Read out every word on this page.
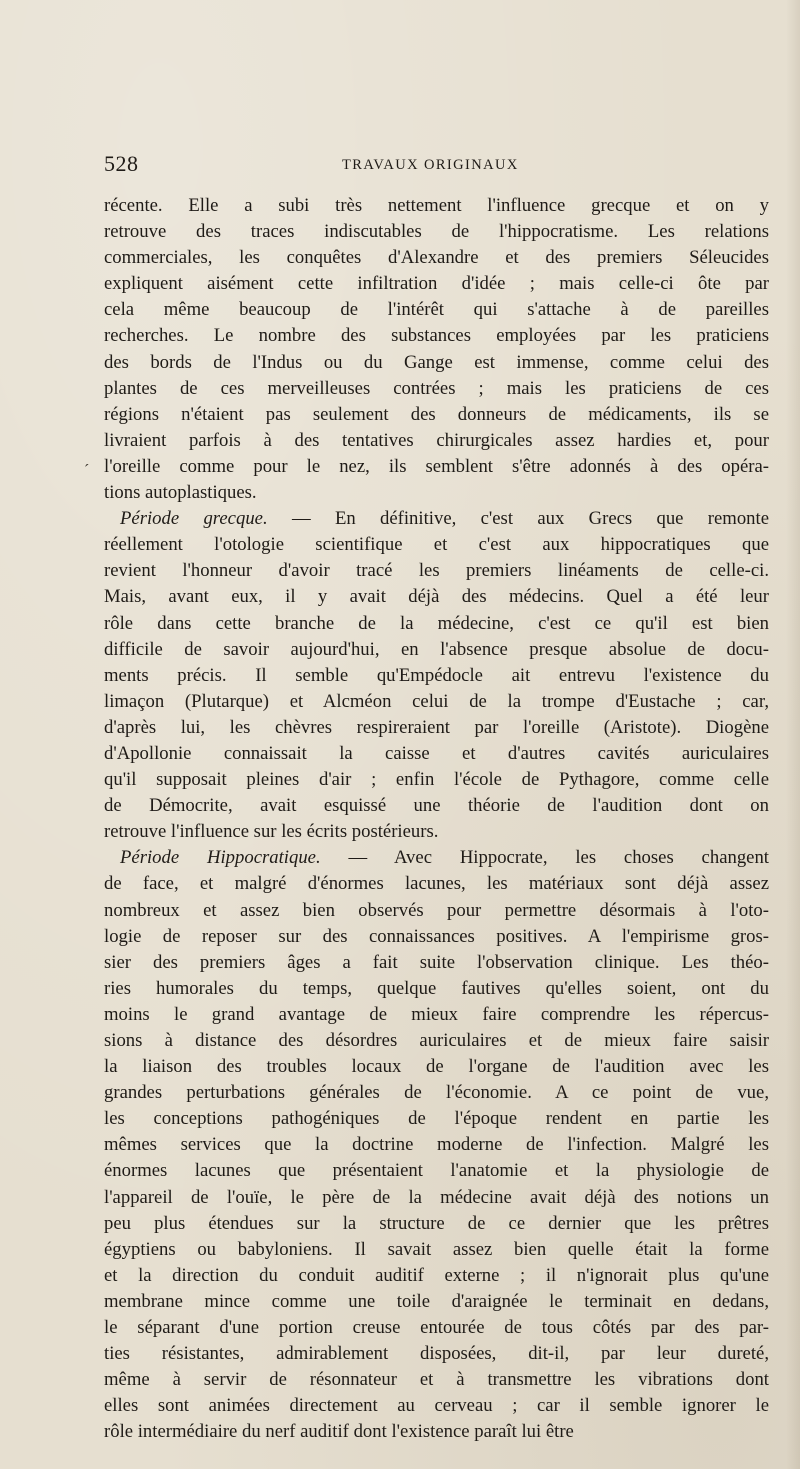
528	TRAVAUX ORIGINAUX
´
récente. Elle a subi très nettement l'influence grecque et on y
retrouve des traces indiscutables de l'hippocratisme. Les relations
commerciales, les conquêtes d'Alexandre et des premiers Séleucides
expliquent aisément cette infiltration d'idée ; mais celle-ci ôte par
cela même beaucoup de l'intérêt qui s'attache à de pareilles
recherches. Le nombre des substances employées par les praticiens
des bords de l'Indus ou du Gange est immense, comme celui des
plantes de ces merveilleuses contrées ; mais les praticiens de ces
régions n'étaient pas seulement des donneurs de médicaments, ils se
livraient parfois à des tentatives chirurgicales assez hardies et, pour
l'oreille comme pour le nez, ils semblent s'être adonnés à des opéra-
tions autoplastiques.
Période grecque. — En définitive, c'est aux Grecs que remonte
réellement l'otologie scientifique et c'est aux hippocratiques que
revient l'honneur d'avoir tracé les premiers linéaments de celle-ci.
Mais, avant eux, il y avait déjà des médecins. Quel a été leur
rôle dans cette branche de la médecine, c'est ce qu'il est bien
difficile de savoir aujourd'hui, en l'absence presque absolue de docu-
ments précis. Il semble qu'Empédocle ait entrevu l'existence du
limaçon (Plutarque) et Alcméon celui de la trompe d'Eustache ; car,
d'après lui, les chèvres respireraient par l'oreille (Aristote). Diogène
d'Apollonie connaissait la caisse et d'autres cavités auriculaires
qu'il supposait pleines d'air ; enfin l'école de Pythagore, comme celle
de Démocrite, avait esquissé une théorie de l'audition dont on
retrouve l'influence sur les écrits postérieurs.
Période Hippocratique. — Avec Hippocrate, les choses changent
de face, et malgré d'énormes lacunes, les matériaux sont déjà assez
nombreux et assez bien observés pour permettre désormais à l'oto-
logie de reposer sur des connaissances positives. A l'empirisme gros-
sier des premiers âges a fait suite l'observation clinique. Les théo-
ries humorales du temps, quelque fautives qu'elles soient, ont du
moins le grand avantage de mieux faire comprendre les répercus-
sions à distance des désordres auriculaires et de mieux faire saisir
la liaison des troubles locaux de l'organe de l'audition avec les
grandes perturbations générales de l'économie. A ce point de vue,
les conceptions pathogéniques de l'époque rendent en partie les
mêmes services que la doctrine moderne de l'infection. Malgré les
énormes lacunes que présentaient l'anatomie et la physiologie de
l'appareil de l'ouïe, le père de la médecine avait déjà des notions un
peu plus étendues sur la structure de ce dernier que les prêtres
égyptiens ou babyloniens. Il savait assez bien quelle était la forme
et la direction du conduit auditif externe ; il n'ignorait plus qu'une
membrane mince comme une toile d'araignée le terminait en dedans,
le séparant d'une portion creuse entourée de tous côtés par des par-
ties résistantes, admirablement disposées, dit-il, par leur dureté,
même à servir de résonnateur et à transmettre les vibrations dont
elles sont animées directement au cerveau ; car il semble ignorer le
rôle intermédiaire du nerf auditif dont l'existence paraît lui être
